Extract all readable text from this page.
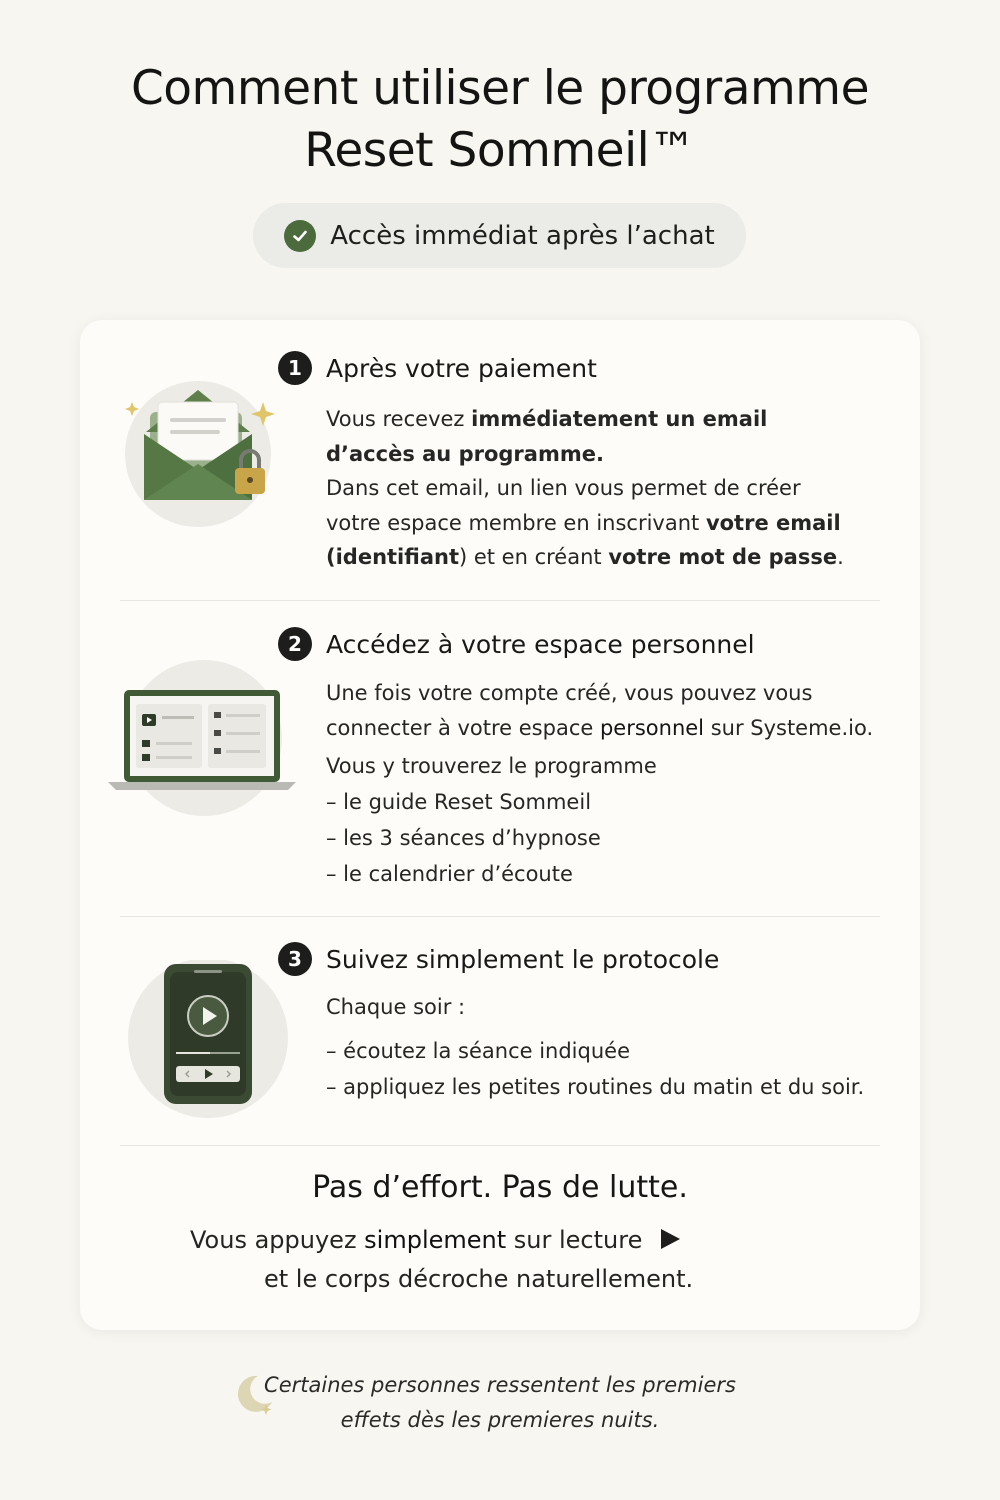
Comment utiliser le programme
Reset Sommeil™
Accès immédiat après l’achat
1 Après votre paiement
Vous recevez immédiatement un email d’accès au programme.
Dans cet email, un lien vous permet de créer votre espace membre en inscrivant votre email (identifiant) et en créant votre mot de passe.
2 Accédez à votre espace personnel
Une fois votre compte créé, vous pouvez vous connecter à votre espace personnel sur Systeme.io.
Vous y trouverez le programme
– le guide Reset Sommeil
– les 3 séances d’hypnose
– le calendrier d’écoute
3 Suivez simplement le protocole
Chaque soir :
– écoutez la séance indiquée
– appliquez les petites routines du matin et du soir.
Pas d’effort. Pas de lutte.
Vous appuyez simplement sur lecture
et le corps décroche naturellement.
Certaines personnes ressentent les premiers
effets dès les premieres nuits.
